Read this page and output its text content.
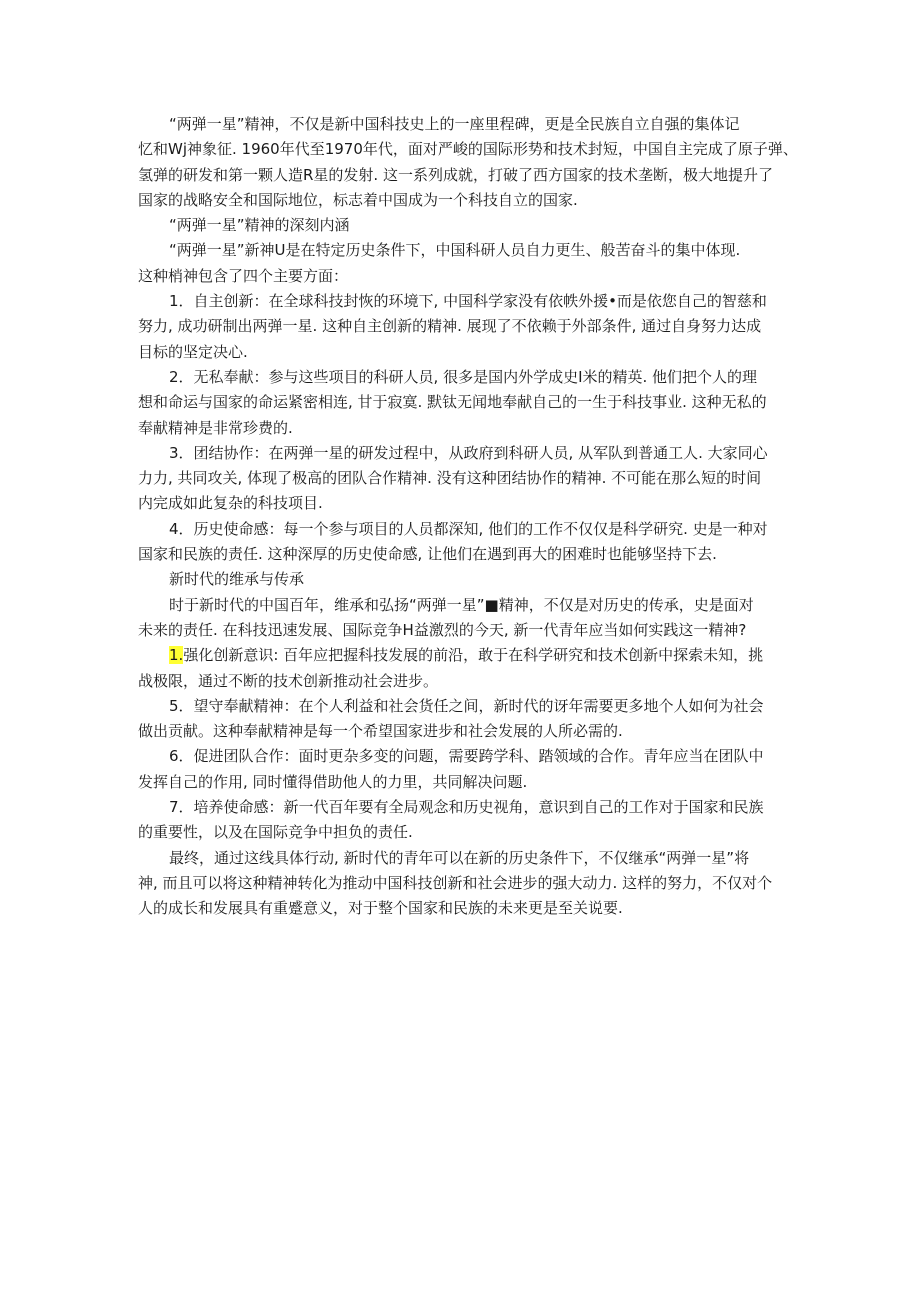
“两弹一星”精神，不仅是新中国科技史上的一座里程碑，更是全民族自立自强的集体记
忆和Wj神象征. 1960年代至1970年代，面对严峻的国际形势和技术封短，中国自主完成了原子弹、
氢弹的研发和第一颗人造R星的发射. 这一系列成就，打破了西方国家的技术垄断，极大地提升了
国家的战略安全和国际地位，标志着中国成为一个科技自立的国家.
“两弹一星”精神的深刻内涵
“两弹一星”新神U是在特定历史条件下，中国科研人员自力更生、般苦奋斗的集中体现.
这种梢神包含了四个主要方面：
1．自主创新：在全球科技封恢的环境下, 中国科学家没有依帙外援•而是依您自己的智慈和
努力, 成功研制出两弹一星. 这种自主创新的精神. 展现了不依赖于外部条件, 通过自身努力达成
目标的坚定决心.
2．无私奉献：参与这些项目的科研人员, 很多是国内外学成史I米的精英. 他们把个人的理
想和命运与国家的命运紧密相连, 甘于寂寞. 默钛无闻地奉献自己的一生于科技事业. 这种无私的
奉献精神是非常珍费的.
3．团结协作：在两弹一星的研发过程中，从政府到科研人员, 从军队到普通工人. 大家同心
力力, 共同攻关, 体现了极高的团队合作精神. 没有这种团结协作的精神. 不可能在那么短的时间
内完成如此复杂的科技项目.
4．历史使命感：每一个参与项目的人员都深知, 他们的工作不仅仅是科学研究. 史是一种对
国家和民族的责任. 这种深厚的历史使命感, 让他们在遇到再大的困难时也能够坚持下去.
新时代的维承与传承
时于新时代的中国百年，维承和弘扬“两弹一星”■精神，不仅是对历史的传承，史是面对
未来的责任. 在科技迅速发展、国际竞争H益激烈的今天, 新一代青年应当如何实践这一精神?
1.强化创新意识: 百年应把握科技发展的前沿，敢于在科学研究和技术创新中探索未知，挑
战极限，通过不断的技术创新推动社会进步。
5．望守奉献精神：在个人利益和社会货任之间，新时代的讶年需要更多地个人如何为社会
做出贡献。这种奉献精神是每一个希望国家进步和社会发展的人所必需的.
6．促进团队合作：面时更杂多变的问题，需要跨学科、踏领域的合作。青年应当在团队中
发挥自己的作用, 同时懂得借助他人的力里，共同解决问题.
7．培养使命感：新一代百年要有全局观念和历史视角，意识到自己的工作对于国家和民族
的重要性，以及在国际竞争中担负的责任.
最终，通过这线具体行动, 新时代的青年可以在新的历史条件下，不仅继承“两弹一星”将
神, 而且可以将这种精神转化为推动中国科技创新和社会进步的强大动力. 这样的努力，不仅对个
人的成长和发展具有重蹙意义，对于整个国家和民族的未来更是至关说要.
